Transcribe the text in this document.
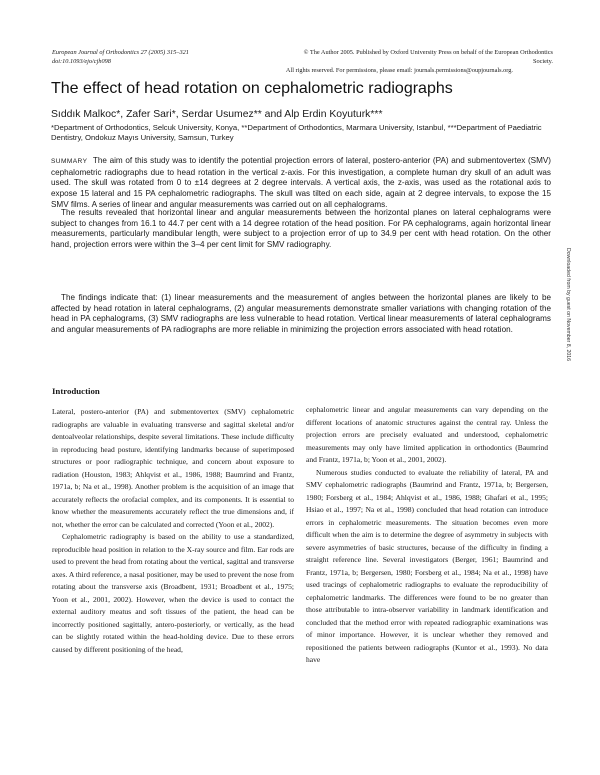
European Journal of Orthodontics 27 (2005) 315–321
doi:10.1093/ejo/cjh098
© The Author 2005. Published by Oxford University Press on behalf of the European Orthodontics Society.
All rights reserved. For permissions, please email: journals.permissions@oupjournals.org.
The effect of head rotation on cephalometric radiographs
Sıddık Malkoc*, Zafer Sari*, Serdar Usumez** and Alp Erdin Koyuturk***
*Department of Orthodontics, Selcuk University, Konya, **Department of Orthodontics, Marmara University, Istanbul, ***Department of Paediatric Dentistry, Ondokuz Mayıs University, Samsun, Turkey

SUMMARY The aim of this study was to identify the potential projection errors of lateral, postero-anterior (PA) and submentovertex (SMV) cephalometric radiographs due to head rotation in the vertical z-axis. For this investigation, a complete human dry skull of an adult was used. The skull was rotated from 0 to ±14 degrees at 2 degree intervals. A vertical axis, the z-axis, was used as the rotational axis to expose 15 lateral and 15 PA cephalometric radiographs. The skull was tilted on each side, again at 2 degree intervals, to expose the 15 SMV films. A series of linear and angular measurements was carried out on all cephalograms.

The results revealed that horizontal linear and angular measurements between the horizontal planes on lateral cephalograms were subject to changes from 16.1 to 44.7 per cent with a 14 degree rotation of the head position. For PA cephalograms, again horizontal linear measurements, particularly mandibular length, were subject to a projection error of up to 34.9 per cent with head rotation. On the other hand, projection errors were within the 3–4 per cent limit for SMV radiography.

The findings indicate that: (1) linear measurements and the measurement of angles between the horizontal planes are likely to be affected by head rotation in lateral cephalograms, (2) angular measurements demonstrate smaller variations with changing rotation of the head in PA cephalograms, (3) SMV radiographs are less vulnerable to head rotation. Vertical linear measurements of lateral cephalograms and angular measurements of PA radiographs are more reliable in minimizing the projection errors associated with head rotation.	Downloaded from by guest on November 8, 2016
Introduction

Lateral, postero-anterior (PA) and submentovertex (SMV) cephalometric radiographs are valuable in evaluating transverse and sagittal skeletal and/or dentoalveolar relationships, despite several limitations. These include difficulty in reproducing head posture, identifying landmarks because of superimposed structures or poor radiographic technique, and concern about exposure to radiation (Houston, 1983; Ahlqvist et al., 1986, 1988; Baumrind and Frantz, 1971a, b; Na et al., 1998). Another problem is the acquisition of an image that accurately reflects the orofacial complex, and its components. It is essential to know whether the measurements accurately reflect the true dimensions and, if not, whether the error can be calculated and corrected (Yoon et al., 2002).

Cephalometric radiography is based on the ability to use a standardized, reproducible head position in relation to the X-ray source and film. Ear rods are used to prevent the head from rotating about the vertical, sagittal and transverse axes. A third reference, a nasal positioner, may be used to prevent the nose from rotating about the transverse axis (Broadbent, 1931; Broadbent et al., 1975; Yoon et al., 2001, 2002). However, when the device is used to contact the external auditory meatus and soft tissues of the patient, the head can be incorrectly positioned sagittally, antero-posteriorly, or vertically, as the head can be slightly rotated within the head-holding device. Due to these errors caused by different positioning of the head,

cephalometric linear and angular measurements can vary depending on the different locations of anatomic structures against the central ray. Unless the projection errors are precisely evaluated and understood, cephalometric measurements may only have limited application in orthodontics (Baumrind and Frantz, 1971a, b; Yoon et al., 2001, 2002).

Numerous studies conducted to evaluate the reliability of lateral, PA and SMV cephalometric radiographs (Baumrind and Frantz, 1971a, b; Bergersen, 1980; Forsberg et al., 1984; Ahlqvist et al., 1986, 1988; Ghafari et al., 1995; Hsiao et al., 1997; Na et al., 1998) concluded that head rotation can introduce errors in cephalometric measurements. The situation becomes even more difficult when the aim is to determine the degree of asymmetry in subjects with severe asymmetries of basic structures, because of the difficulty in finding a straight reference line. Several investigators (Berger, 1961; Baumrind and Frantz, 1971a, b; Bergersen, 1980; Forsberg et al., 1984; Na et al., 1998) have used tracings of cephalometric radiographs to evaluate the reproducibility of cephalometric landmarks. The differences were found to be no greater than those attributable to intra-observer variability in landmark identification and concluded that the method error with repeated radiographic examinations was of minor importance. However, it is unclear whether they removed and repositioned the patients between radiographs (Kuntor et al., 1993). No data have
